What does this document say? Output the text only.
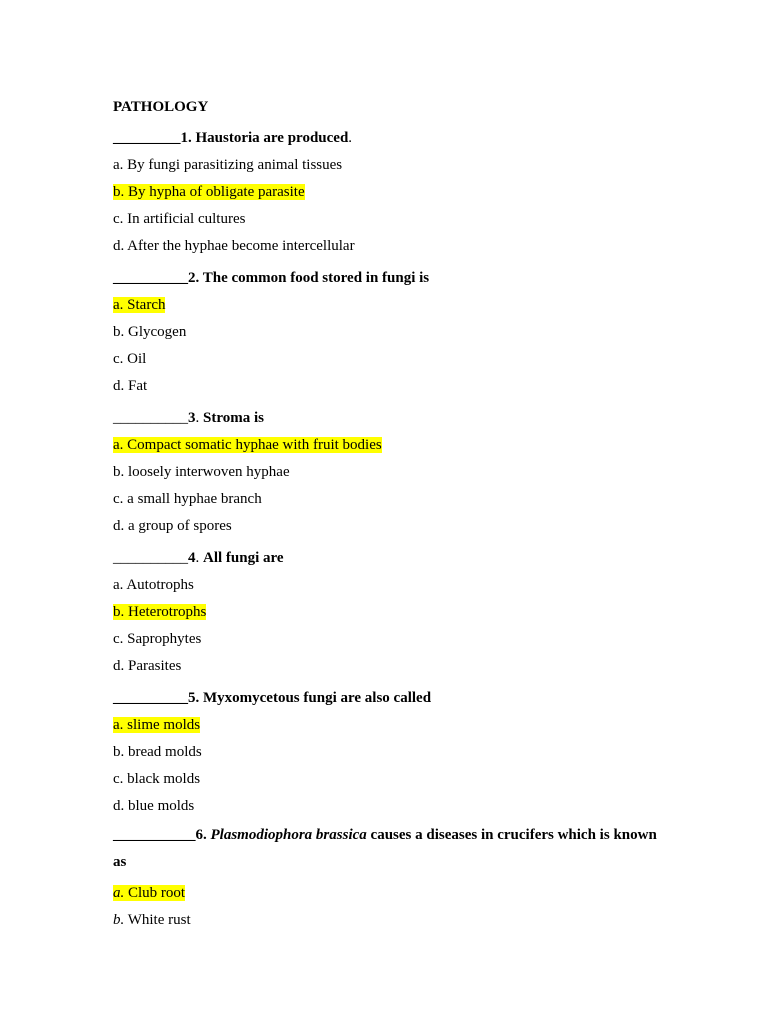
PATHOLOGY
_________1. Haustoria are produced.
a. By fungi parasitizing animal tissues
b. By hypha of obligate parasite
c. In artificial cultures
d. After the hyphae become intercellular
__________2. The common food stored in fungi is
a. Starch
b. Glycogen
c. Oil
d. Fat
__________3. Stroma is
a. Compact somatic hyphae with fruit bodies
b. loosely interwoven hyphae
c. a small hyphae branch
d. a group of spores
__________4. All fungi are
a. Autotrophs
b. Heterotrophs
c. Saprophytes
d. Parasites
__________5. Myxomycetous fungi are also called
a. slime molds
b. bread molds
c. black molds
d. blue molds
___________6. Plasmodiophora brassica causes a diseases in crucifers which is known as
a. Club root
b. White rust
